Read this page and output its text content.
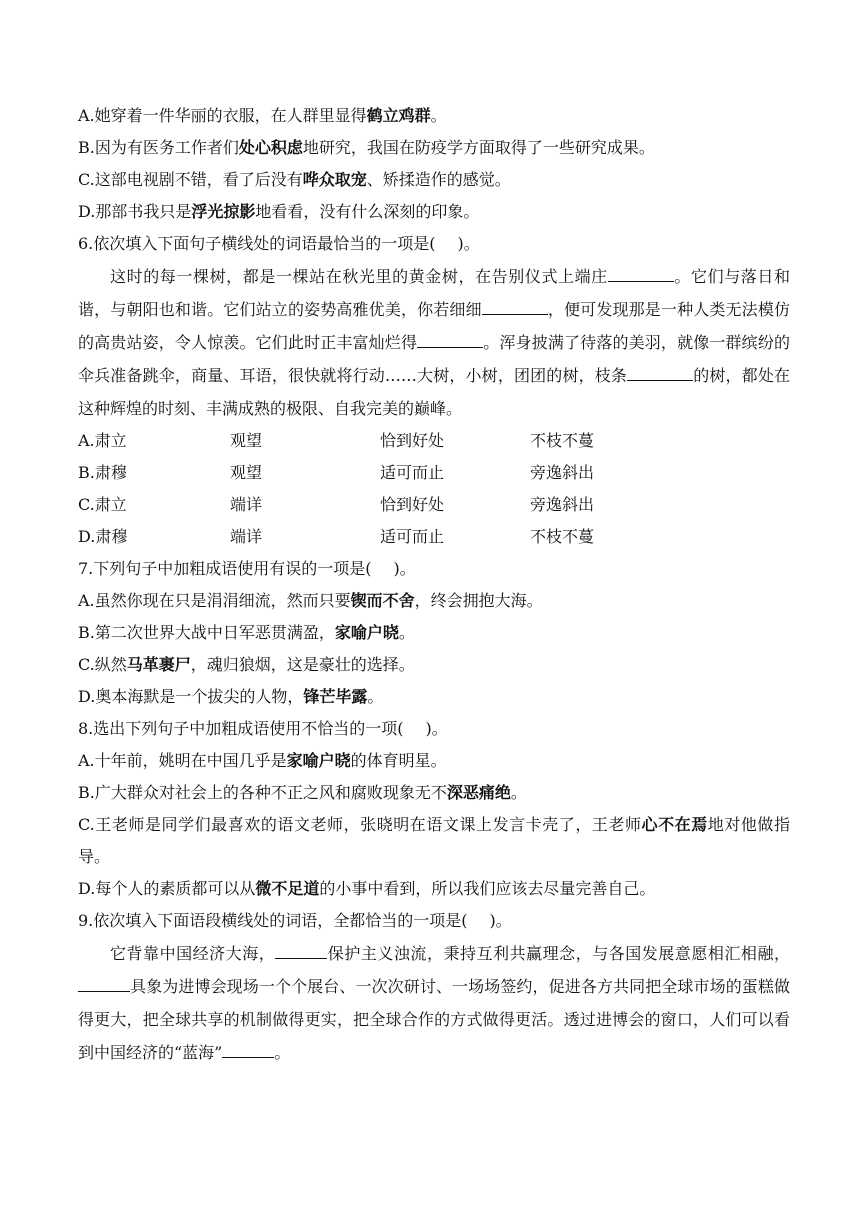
A.她穿着一件华丽的衣服，在人群里显得鹤立鸡群。
B.因为有医务工作者们处心积虑地研究，我国在防疫学方面取得了一些研究成果。
C.这部电视剧不错，看了后没有哗众取宠、矫揉造作的感觉。
D.那部书我只是浮光掠影地看看，没有什么深刻的印象。
6.依次填入下面句子横线处的词语最恰当的一项是( )。
这时的每一棵树，都是一棵站在秋光里的黄金树，在告别仪式上端庄	。它们与落日和谐，与朝阳也和谐。它们站立的姿势高雅优美，你若细细	，便可发现那是一种人类无法模仿的高贵站姿，令人惊羡。它们此时正丰富灿烂得	。浑身披满了待落的美羽，就像一群缤纷的伞兵准备跳伞，商量、耳语，很快就将行动……大树，小树，团团的树，枝条	的树，都处在这种辉煌的时刻、丰满成熟的极限、自我完美的巅峰。
A.肃立	观望	恰到好处	不枝不蔓
B.肃穆	观望	适可而止	旁逸斜出
C.肃立	端详	恰到好处	旁逸斜出
D.肃穆	端详	适可而止	不枝不蔓
7.下列句子中加粗成语使用有误的一项是( )。
A.虽然你现在只是涓涓细流，然而只要锲而不舍，终会拥抱大海。
B.第二次世界大战中日军恶贯满盈，家喻户晓。
C.纵然马革裹尸，魂归狼烟，这是豪壮的选择。
D.奥本海默是一个拔尖的人物，锋芒毕露。
8.选出下列句子中加粗成语使用不恰当的一项( )。
A.十年前，姚明在中国几乎是家喻户晓的体育明星。
B.广大群众对社会上的各种不正之风和腐败现象无不深恶痛绝。
C.王老师是同学们最喜欢的语文老师，张晓明在语文课上发言卡壳了，王老师心不在焉地对他做指导。
D.每个人的素质都可以从微不足道的小事中看到，所以我们应该去尽量完善自己。
9.依次填入下面语段横线处的词语，全都恰当的一项是( )。
它背靠中国经济大海，	保护主义浊流，秉持互利共赢理念，与各国发展意愿相汇相融，具象为进博会现场一个个展台、一次次研讨、一场场签约，促进各方共同把全球市场的蛋糕做得更大，把全球共享的机制做得更实，把全球合作的方式做得更活。透过进博会的窗口，人们可以看到中国经济的“蓝海”	。
